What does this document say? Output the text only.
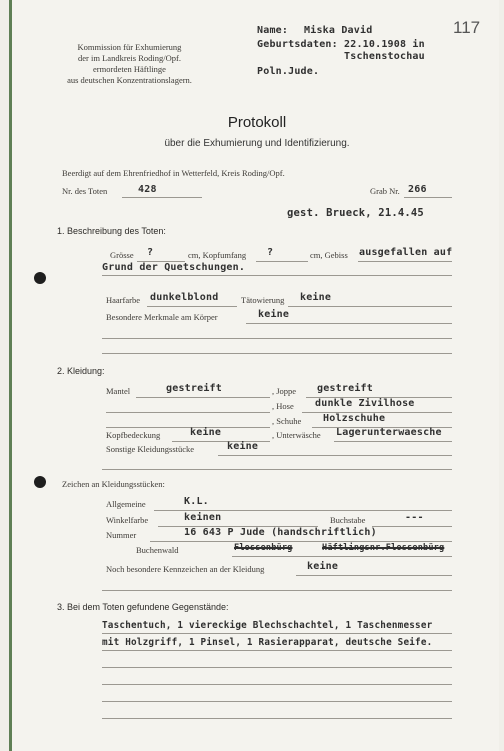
117
Kommission für Exhumierung
der im Landkreis Roding/Opf.
ermordeten Häftlinge
aus deutschen Konzentrationslagern.
Name: Miska David
Geburtsdaten: 22.10.1908 in
Tschenstochau
Poln.Jude.
Protokoll
über die Exhumierung und Identifizierung.
Beerdigt auf dem Ehrenfriedhof in Wetterfeld, Kreis Roding/Opf.
Nr. des Toten	428	Grab Nr. 266
gest. Brueck, 21.4.45
1. Beschreibung des Toten:
Grösse ?	cm, Kopfumfang ?	cm, Gebiss ausgefallen auf
Grund der Quetschungen.
Haarfarbe dunkelblond	Tätowierung keine
Besondere Merkmale am Körper	keine
2. Kleidung:
Mantel	gestreift	, Joppe gestreift
, Hose dunkle Zivilhose
, Schuhe Holzschuhe
Kopfbedeckung	keine	, Unterwäsche Lagerunterwaesche
Sonstige Kleidungsstücke	keine
Zeichen an Kleidungsstücken:
Allgemeine	K.L.
Winkelfarbe	keinen	Buchstabe	---
Nummer	16 643 P Jude (handschriftlich)
Buchenwald	Flossenbürg	Häftlingsnr.Flossenbürg
Noch besondere Kennzeichen an der Kleidung	keine
3. Bei dem Toten gefundene Gegenstände:
Taschentuch, 1 viereckige Blechschachtel, 1 Taschenmesser
mit Holzgriff, 1 Pinsel, 1 Rasierapparat, deutsche Seife.
